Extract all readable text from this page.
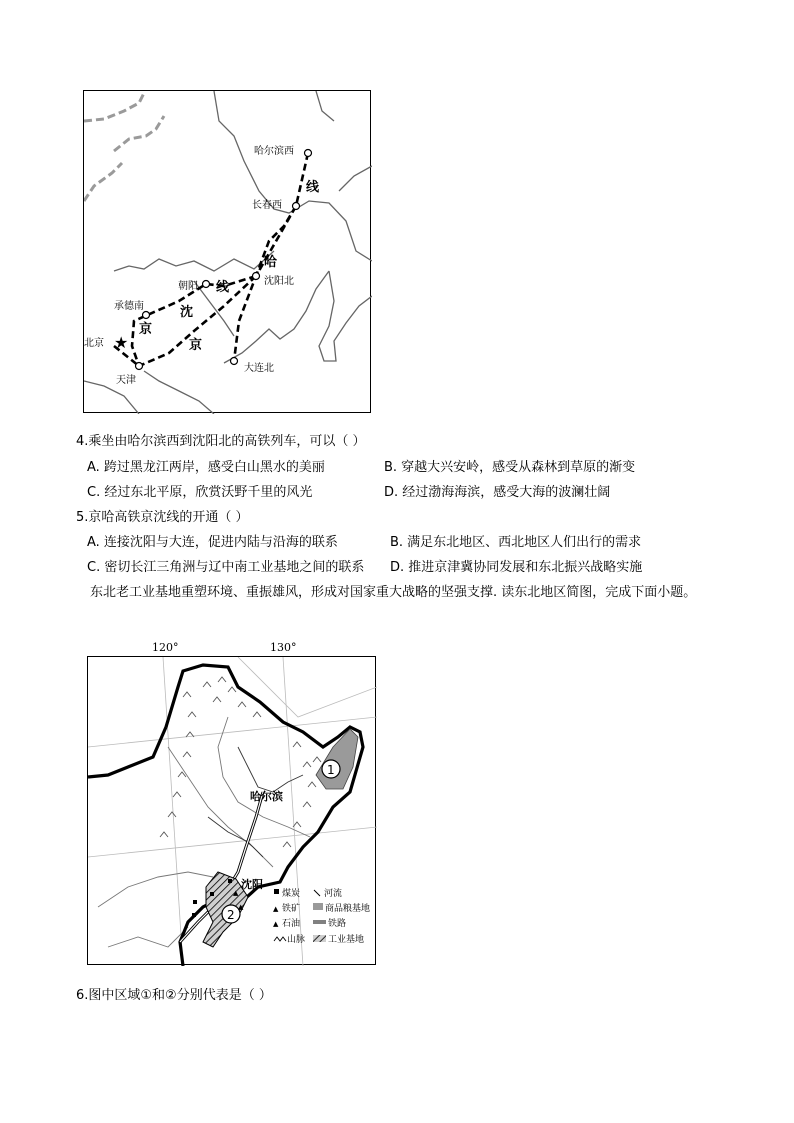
★
哈尔滨西
长春西
沈阳北
朝阳
承德南
北京
天津
大连北
线
哈
线
沈
京
京
4.乘坐由哈尔滨西到沈阳北的高铁列车，可以（ ）
A. 跨过黑龙江两岸，感受白山黑水的美丽	B. 穿越大兴安岭，感受从森林到草原的渐变
C. 经过东北平原，欣赏沃野千里的风光	D. 经过渤海海滨，感受大海的波澜壮阔
5.京哈高铁京沈线的开通（ ）
A. 连接沈阳与大连，促进内陆与沿海的联系	B. 满足东北地区、西北地区人们出行的需求
C. 密切长江三角洲与辽中南工业基地之间的联系 D. 推进京津冀协同发展和东北振兴战略实施
东北老工业基地重塑环境、重振雄风，形成对国家重大战略的坚强支撑. 读东北地区简图，完成下面小题。
120°	130°
1
2
▲
▲
哈尔滨
沈阳
煤炭	河流
▲ 铁矿	商品粮基地
▲ 石油	铁路
山脉	工业基地
6.图中区域①和②分别代表是（ ）
